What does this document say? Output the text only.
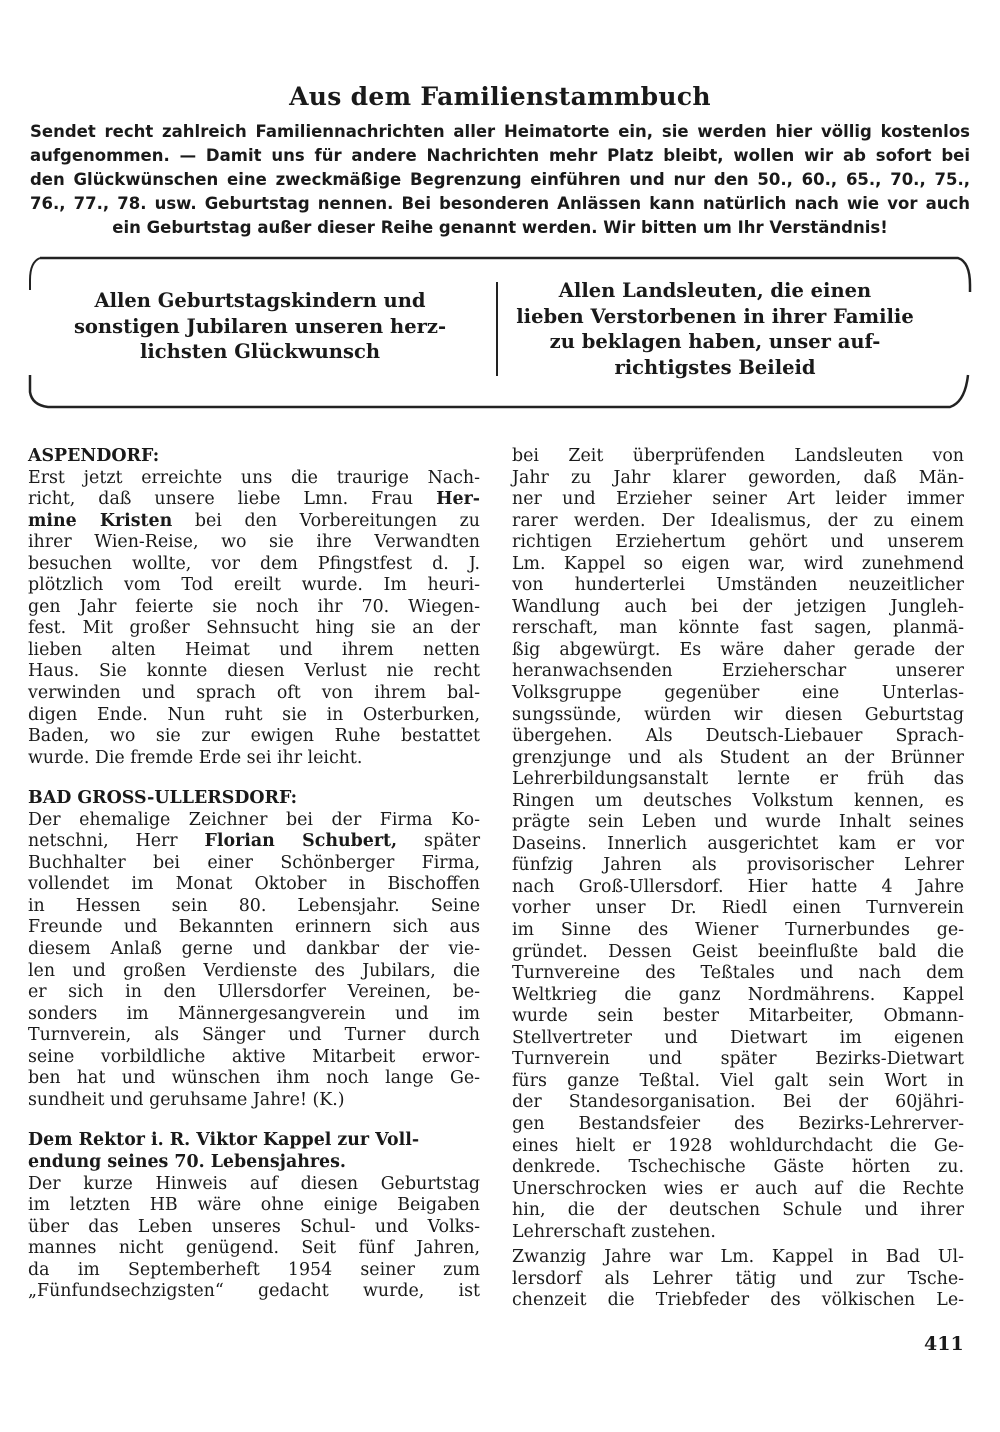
Aus dem Familienstammbuch
Sendet recht zahlreich Familiennachrichten aller Heimatorte ein, sie werden hier völlig kostenlos
aufgenommen. — Damit uns für andere Nachrichten mehr Platz bleibt, wollen wir ab sofort bei
den Glückwünschen eine zweckmäßige Begrenzung einführen und nur den 50., 60., 65., 70., 75.,
76., 77., 78. usw. Geburtstag nennen. Bei besonderen Anlässen kann natürlich nach wie vor auch
ein Geburtstag außer dieser Reihe genannt werden. Wir bitten um Ihr Verständnis!
Allen Geburtstagskindern und
sonstigen Jubilaren unseren herz-
lichsten Glückwunsch
Allen Landsleuten, die einen
lieben Verstorbenen in ihrer Familie
zu beklagen haben, unser auf-
richtigstes Beileid
ASPENDORF:
Erst jetzt erreichte uns die traurige Nach-
richt, daß unsere liebe Lmn. Frau Her-
mine Kristen bei den Vorbereitungen zu
ihrer Wien-Reise, wo sie ihre Verwandten
besuchen wollte, vor dem Pfingstfest d. J.
plötzlich vom Tod ereilt wurde. Im heuri-
gen Jahr feierte sie noch ihr 70. Wiegen-
fest. Mit großer Sehnsucht hing sie an der
lieben alten Heimat und ihrem netten
Haus. Sie konnte diesen Verlust nie recht
verwinden und sprach oft von ihrem bal-
digen Ende. Nun ruht sie in Osterburken,
Baden, wo sie zur ewigen Ruhe bestattet
wurde. Die fremde Erde sei ihr leicht.
BAD GROSS-ULLERSDORF:
Der ehemalige Zeichner bei der Firma Ko-
netschni, Herr Florian Schubert, später
Buchhalter bei einer Schönberger Firma,
vollendet im Monat Oktober in Bischoffen
in Hessen sein 80. Lebensjahr. Seine
Freunde und Bekannten erinnern sich aus
diesem Anlaß gerne und dankbar der vie-
len und großen Verdienste des Jubilars, die
er sich in den Ullersdorfer Vereinen, be-
sonders im Männergesangverein und im
Turnverein, als Sänger und Turner durch
seine vorbildliche aktive Mitarbeit erwor-
ben hat und wünschen ihm noch lange Ge-
sundheit und geruhsame Jahre! (K.)
Dem Rektor i. R. Viktor Kappel zur Voll-
endung seines 70. Lebensjahres.
Der kurze Hinweis auf diesen Geburtstag
im letzten HB wäre ohne einige Beigaben
über das Leben unseres Schul- und Volks-
mannes nicht genügend. Seit fünf Jahren,
da im Septemberheft 1954 seiner zum
„Fünfundsechzigsten“ gedacht wurde, ist
bei Zeit überprüfenden Landsleuten von
Jahr zu Jahr klarer geworden, daß Män-
ner und Erzieher seiner Art leider immer
rarer werden. Der Idealismus, der zu einem
richtigen Erziehertum gehört und unserem
Lm. Kappel so eigen war, wird zunehmend
von hunderterlei Umständen neuzeitlicher
Wandlung auch bei der jetzigen Jungleh-
rerschaft, man könnte fast sagen, planmä-
ßig abgewürgt. Es wäre daher gerade der
heranwachsenden Erzieherschar unserer
Volksgruppe gegenüber eine Unterlas-
sungssünde, würden wir diesen Geburtstag
übergehen. Als Deutsch-Liebauer Sprach-
grenzjunge und als Student an der Brünner
Lehrerbildungsanstalt lernte er früh das
Ringen um deutsches Volkstum kennen, es
prägte sein Leben und wurde Inhalt seines
Daseins. Innerlich ausgerichtet kam er vor
fünfzig Jahren als provisorischer Lehrer
nach Groß-Ullersdorf. Hier hatte 4 Jahre
vorher unser Dr. Riedl einen Turnverein
im Sinne des Wiener Turnerbundes ge-
gründet. Dessen Geist beeinflußte bald die
Turnvereine des Teßtales und nach dem
Weltkrieg die ganz Nordmährens. Kappel
wurde sein bester Mitarbeiter, Obmann-
Stellvertreter und Dietwart im eigenen
Turnverein und später Bezirks-Dietwart
fürs ganze Teßtal. Viel galt sein Wort in
der Standesorganisation. Bei der 60jähri-
gen Bestandsfeier des Bezirks-Lehrerver-
eines hielt er 1928 wohldurchdacht die Ge-
denkrede. Tschechische Gäste hörten zu.
Unerschrocken wies er auch auf die Rechte
hin, die der deutschen Schule und ihrer
Lehrerschaft zustehen.
Zwanzig Jahre war Lm. Kappel in Bad Ul-
lersdorf als Lehrer tätig und zur Tsche-
chenzeit die Triebfeder des völkischen Le-
411
